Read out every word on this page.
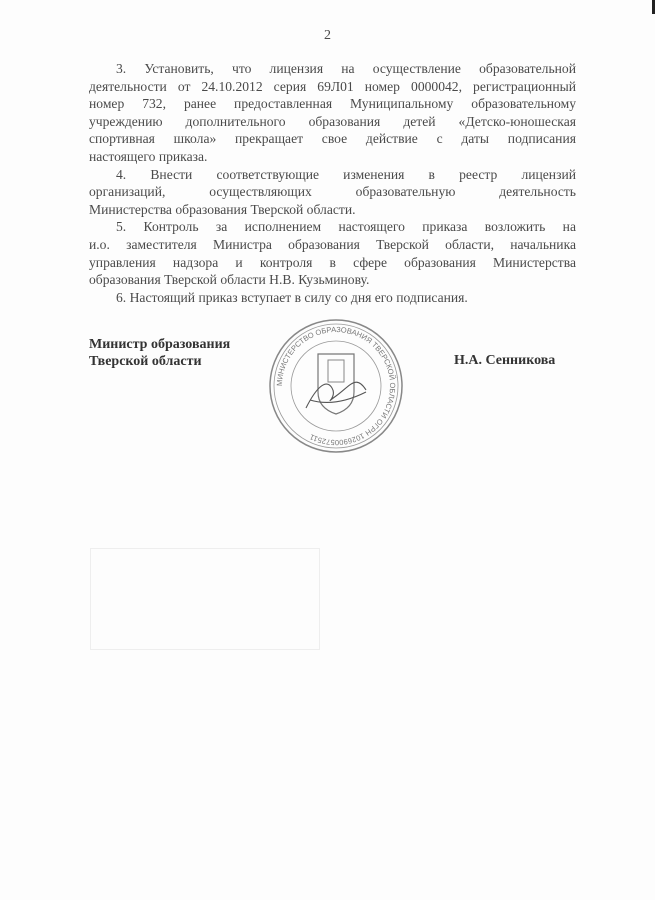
2
3. Установить, что лицензия на осуществление образовательной
деятельности от 24.10.2012 серия 69Л01 номер 0000042, регистрационный
номер 732, ранее предоставленная Муниципальному образовательному
учреждению дополнительного образования детей «Детско-юношеская
спортивная школа» прекращает свое действие с даты подписания
настоящего приказа.
4. Внести соответствующие изменения в реестр лицензий
организаций, осуществляющих образовательную деятельность
Министерства образования Тверской области.
5. Контроль за исполнением настоящего приказа возложить на
и.о. заместителя Министра образования Тверской области, начальника
управления надзора и контроля в сфере образования Министерства
образования Тверской области Н.В. Кузьминову.
6. Настоящий приказ вступает в силу со дня его подписания.
Министр образования
Тверской области	Н.А. Сенникова
МИНИСТЕРСТВО ОБРАЗОВАНИЯ ТВЕРСКОЙ ОБЛАСТИ ОГРН 1026900572511
